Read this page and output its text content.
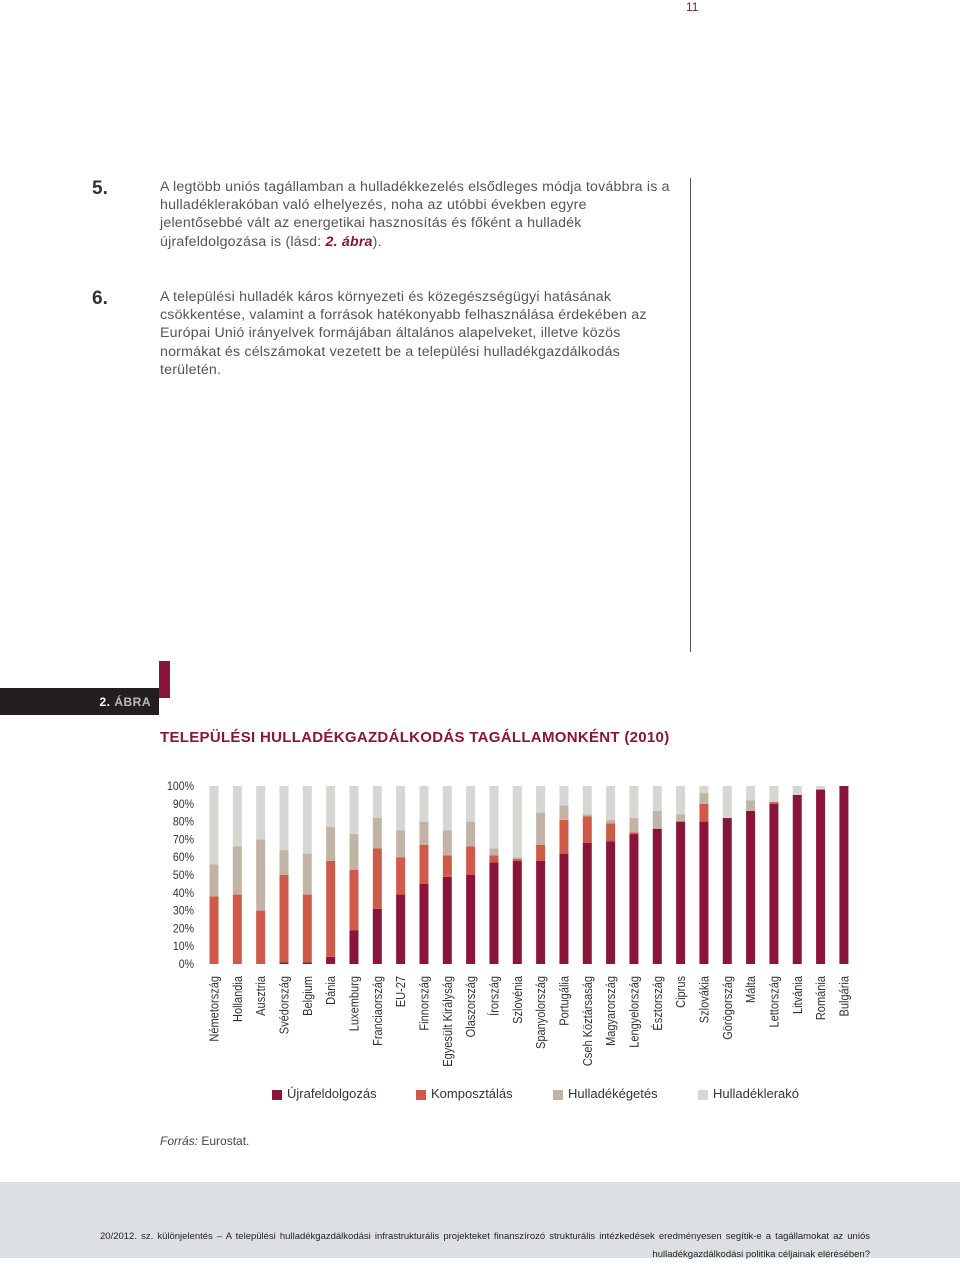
11
5.	A legtöbb uniós tagállamban a hulladékkezelés elsődleges módja továbbra is a hulladéklerakóban való elhelyezés, noha az utóbbi években egyre jelentősebbé vált az energetikai hasznosítás és főként a hulladék újrafeldolgozása is (lásd: 2. ábra).
6.	A települési hulladék káros környezeti és közegészségügyi hatásának csökkentése, valamint a források hatékonyabb felhasználása érdekében az Európai Unió irányelvek formájában általános alapelveket, illetve közös normákat és célszámokat vezetett be a települési hulladékgazdálkodás területén.
2. ÁBRA
TELEPÜLÉSI HULLADÉKGAZDÁLKODÁS TAGÁLLAMONKÉNT (2010)
0%
10%
20%
30%
40%
50%
60%
70%
80%
90%
100%
Németország Hollandia Ausztria Svédország Belgium Dánia Luxemburg Franciaország EU-27 Finnország Egyesült Királyság Olaszország Írország Szlovénia Spanyolország Portugália Cseh Köztársaság Magyarország Lengyelország Észtország Ciprus Szlovákia Görögország Málta Lettország Litvánia Románia Bulgária
Újrafeldolgozás	Komposztálás	Hulladékégetés	Hulladéklerakó
Forrás: Eurostat.
20/2012. sz. különjelentés – A települési hulladékgazdálkodási infrastrukturális projekteket finanszírozó strukturális intézkedések eredményesen segítik-e a tagállamokat az uniós hulladékgazdálkodási politika céljainak elérésében?
